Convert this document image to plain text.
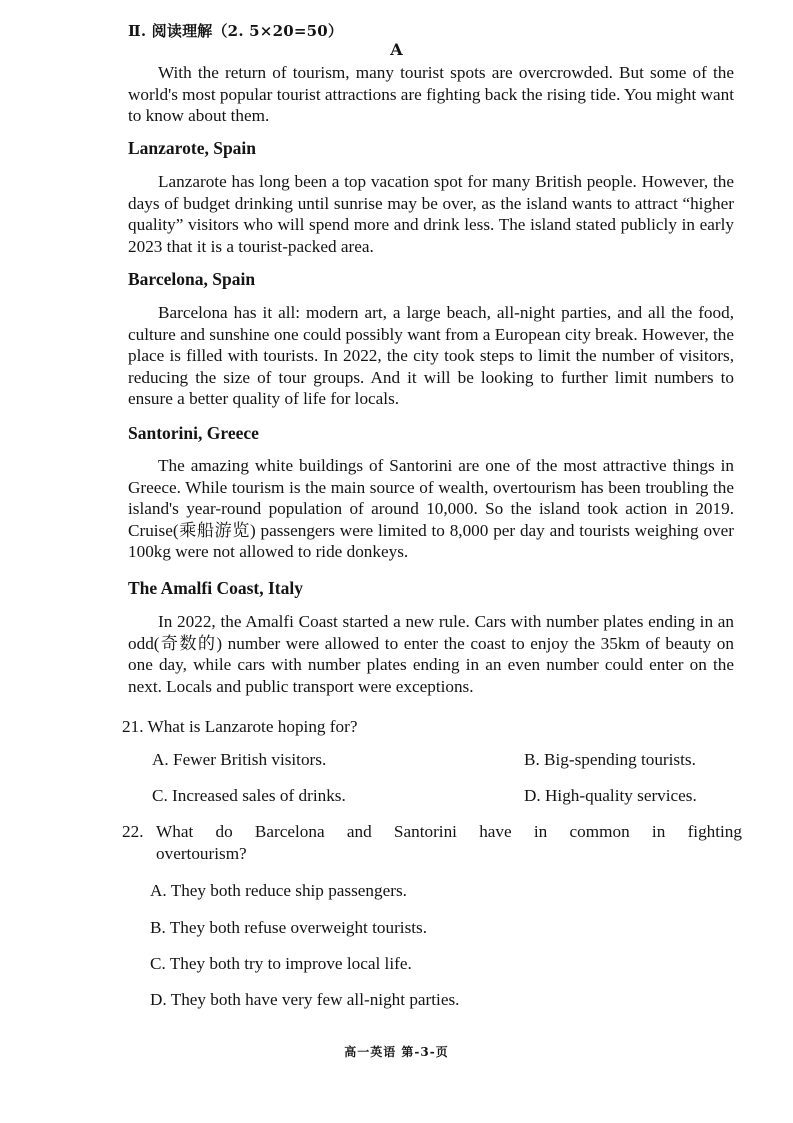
Ⅱ. 阅读理解（2. 5×20=50）
A

With the return of tourism, many tourist spots are overcrowded. But some of the world's most popular tourist attractions are fighting back the rising tide. You might want to know about them.

Lanzarote, Spain

Lanzarote has long been a top vacation spot for many British people. However, the days of budget drinking until sunrise may be over, as the island wants to attract “higher quality” visitors who will spend more and drink less. The island stated publicly in early 2023 that it is a tourist-packed area.

Barcelona, Spain

Barcelona has it all: modern art, a large beach, all-night parties, and all the food, culture and sunshine one could possibly want from a European city break. However, the place is filled with tourists. In 2022, the city took steps to limit the number of visitors, reducing the size of tour groups. And it will be looking to further limit numbers to ensure a better quality of life for locals.

Santorini, Greece

The amazing white buildings of Santorini are one of the most attractive things in Greece. While tourism is the main source of wealth, overtourism has been troubling the island's year-round population of around 10,000. So the island took action in 2019. Cruise(乘船游览) passengers were limited to 8,000 per day and tourists weighing over 100kg were not allowed to ride donkeys.

The Amalfi Coast, Italy

In 2022, the Amalfi Coast started a new rule. Cars with number plates ending in an odd(奇数的) number were allowed to enter the coast to enjoy the 35km of beauty on one day, while cars with number plates ending in an even number could enter on the next. Locals and public transport were exceptions.

21. What is Lanzarote hoping for?
A. Fewer British visitors.	B. Big-spending tourists.
C. Increased sales of drinks.	D. High-quality services.
22. What do Barcelona and Santorini have in common in fighting
overtourism?
A. They both reduce ship passengers.
B. They both refuse overweight tourists.
C. They both try to improve local life.
D. They both have very few all-night parties.
高一英语 第-3-页
